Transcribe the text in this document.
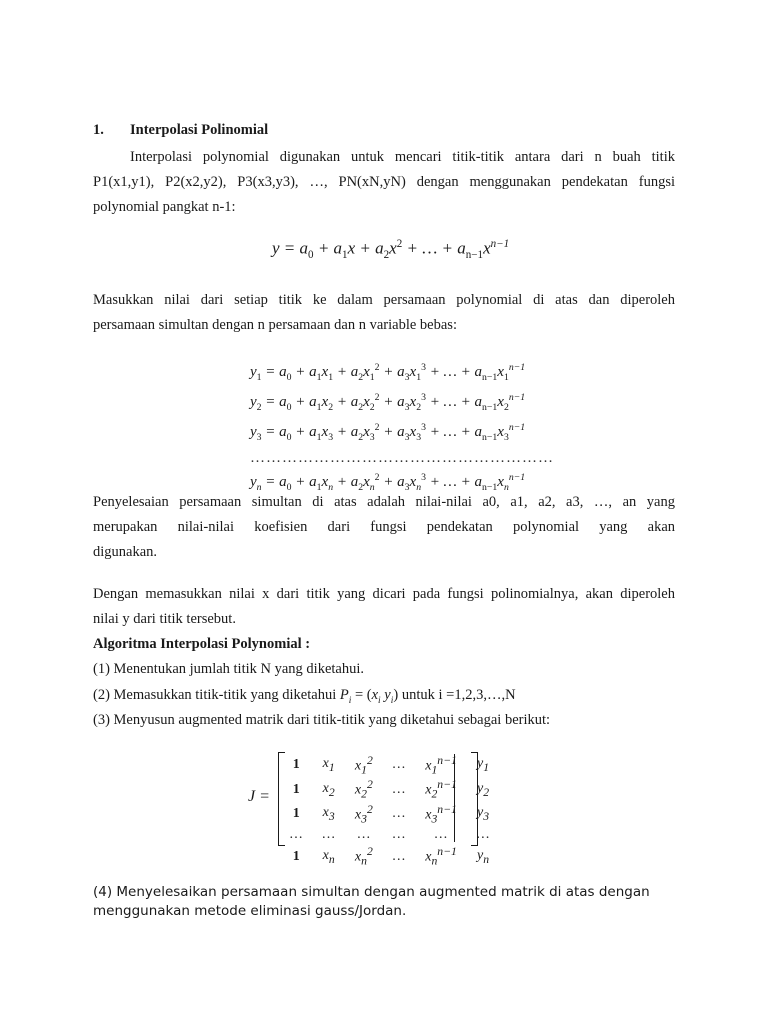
1. Interpolasi Polinomial
Interpolasi polynomial digunakan untuk mencari titik-titik antara dari n buah titik
P1(x1,y1), P2(x2,y2), P3(x3,y3), …, PN(xN,yN) dengan menggunakan pendekatan fungsi
polynomial pangkat n-1:
$y = a_0 + a_1x + a_2x^2$ + … + $a_{n-1}x^{n-1}$
Masukkan nilai dari setiap titik ke dalam persamaan polynomial di atas dan diperoleh
persamaan simultan dengan n persamaan dan n variable bebas:
$y_1 = a_0 + a_1x_1 + a_2x_1^2 + a_3x_1^3$ + … + $a_{n-1}x_1^{n-1}$
$y_2 = a_0 + a_1x_2 + a_2x_2^2 + a_3x_2^3$ + … + $a_{n-1}x_2^{n-1}$
$y_3 = a_0 + a_1x_3 + a_2x_3^2 + a_3x_3^3$ + … + $a_{n-1}x_3^{n-1}$
…………………………………………………
$y_n = a_0 + a_1x_n + a_2x_n^2 + a_3x_n^3$ + … + $a_{n-1}x_n^{n-1}$
Penyelesaian persamaan simultan di atas adalah nilai-nilai a0, a1, a2, a3, …, an yang
merupakan nilai-nilai koefisien dari fungsi pendekatan polynomial yang akan
digunakan.
Dengan memasukkan nilai x dari titik yang dicari pada fungsi polinomialnya, akan diperoleh
nilai y dari titik tersebut.
Algoritma Interpolasi Polynomial :
(1) Menentukan jumlah titik N yang diketahui.
(2) Memasukkan titik-titik yang diketahui $P_i = (x_i$ $y_i$) untuk i =1,2,3,…,N
(3) Menyusun augmented matrik dari titik-titik yang diketahui sebagai berikut:
J =
1	$x_1$	$x_1^2$	…	$x_1^{n-1}$	$y_1$
1	$x_2$	$x_2^2$	…	$x_2^{n-1}$	$y_2$
1	$x_3$	$x_3^2$	…	$x_3^{n-1}$	$y_3$
…	…	…	…	…	…
1	$x_n$	$x_n^2$	…	$x_n^{n-1}$	$y_n$
(4) Menyelesaikan persamaan simultan dengan augmented matrik di atas dengan
menggunakan metode eliminasi gauss/Jordan.
